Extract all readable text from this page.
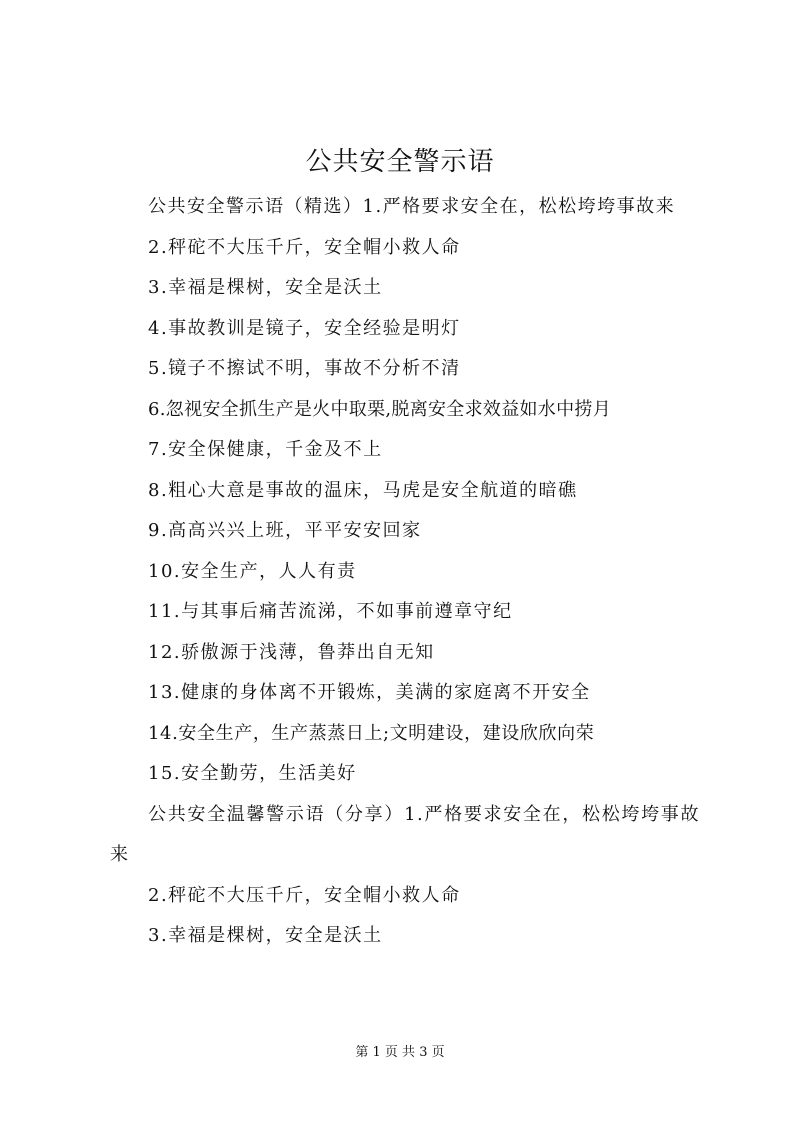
公共安全警示语

公共安全警示语（精选）1.严格要求安全在，松松垮垮事故来

2.秤砣不大压千斤，安全帽小救人命

3.幸福是棵树，安全是沃土

4.事故教训是镜子，安全经验是明灯

5.镜子不擦试不明，事故不分析不清

6.忽视安全抓生产是火中取栗,脱离安全求效益如水中捞月

7.安全保健康，千金及不上

8.粗心大意是事故的温床，马虎是安全航道的暗礁

9.高高兴兴上班，平平安安回家

10.安全生产，人人有责

11.与其事后痛苦流涕，不如事前遵章守纪

12.骄傲源于浅薄，鲁莽出自无知

13.健康的身体离不开锻炼，美满的家庭离不开安全

14.安全生产，生产蒸蒸日上;文明建设，建设欣欣向荣

15.安全勤劳，生活美好

公共安全温馨警示语（分享）1.严格要求安全在，松松垮垮事故来

2.秤砣不大压千斤，安全帽小救人命

3.幸福是棵树，安全是沃土

第 1 页 共 3 页
